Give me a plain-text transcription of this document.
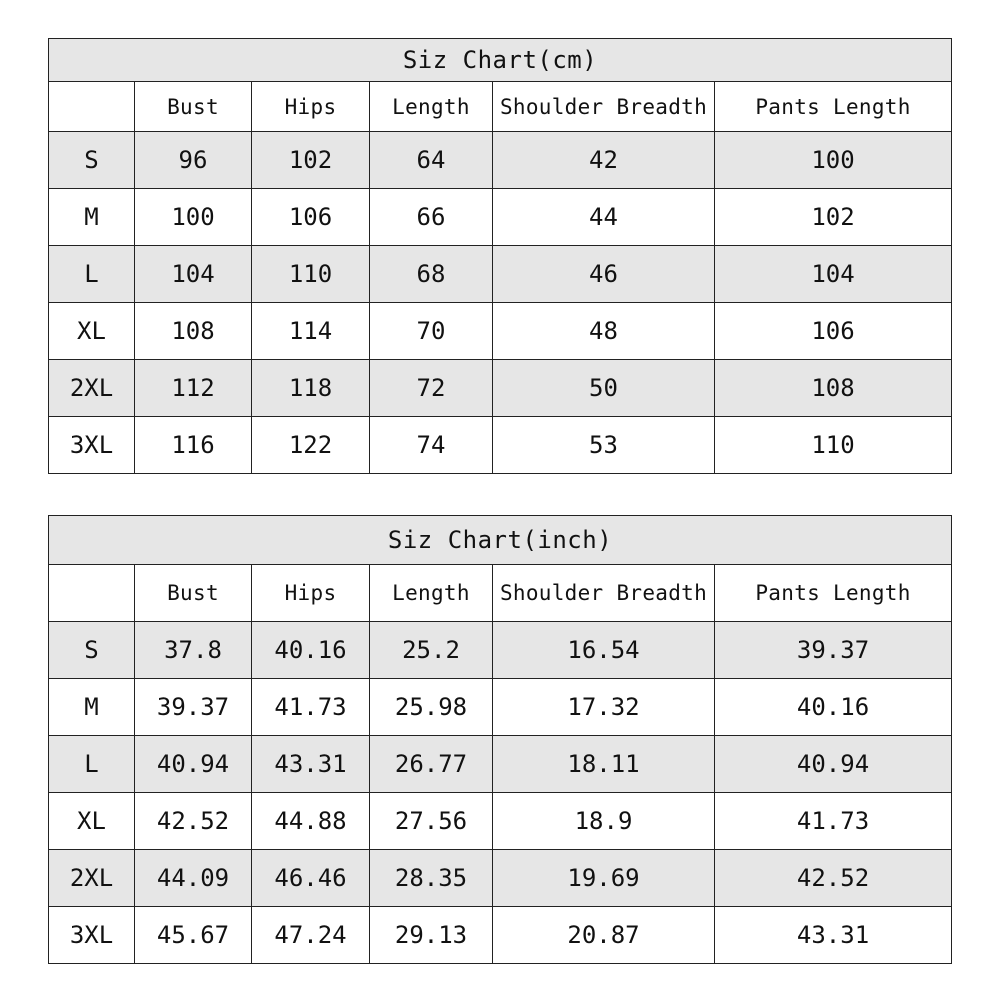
Siz Chart(cm)					
	Bust	Hips	Length	Shoulder Breadth	Pants Length
S	96	102	64	42	100
M	100	106	66	44	102
L	104	110	68	46	104
XL	108	114	70	48	106
2XL	112	118	72	50	108
3XL	116	122	74	53	110
Siz Chart(inch)					
	Bust	Hips	Length	Shoulder Breadth	Pants Length
S	37.8	40.16	25.2	16.54	39.37
M	39.37	41.73	25.98	17.32	40.16
L	40.94	43.31	26.77	18.11	40.94
XL	42.52	44.88	27.56	18.9	41.73
2XL	44.09	46.46	28.35	19.69	42.52
3XL	45.67	47.24	29.13	20.87	43.31
